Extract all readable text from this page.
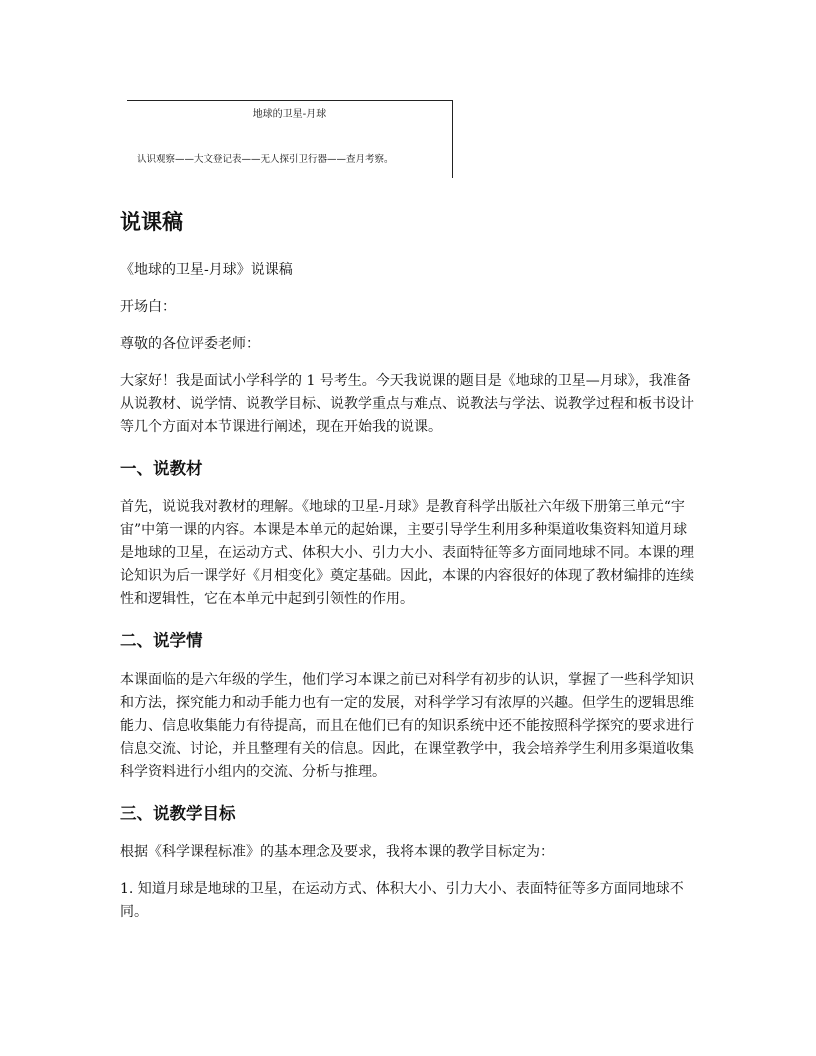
地球的卫星-月球
认识观察——大文登记表——无人探引卫行器——查月考察。
说课稿

《地球的卫星-月球》说课稿

开场白：

尊敬的各位评委老师：

大家好！我是面试小学科学的 1 号考生。今天我说课的题目是《地球的卫星—月球》，我准备从说教材、说学情、说教学目标、说教学重点与难点、说教法与学法、说教学过程和板书设计等几个方面对本节课进行阐述，现在开始我的说课。

一、说教材

首先，说说我对教材的理解。《地球的卫星-月球》是教育科学出版社六年级下册第三单元“宇宙”中第一课的内容。本课是本单元的起始课，主要引导学生利用多种渠道收集资料知道月球是地球的卫星，在运动方式、体积大小、引力大小、表面特征等多方面同地球不同。本课的理论知识为后一课学好《月相变化》奠定基础。因此，本课的内容很好的体现了教材编排的连续性和逻辑性，它在本单元中起到引领性的作用。

二、说学情

本课面临的是六年级的学生，他们学习本课之前已对科学有初步的认识，掌握了一些科学知识和方法，探究能力和动手能力也有一定的发展，对科学学习有浓厚的兴趣。但学生的逻辑思维能力、信息收集能力有待提高，而且在他们已有的知识系统中还不能按照科学探究的要求进行信息交流、讨论，并且整理有关的信息。因此，在课堂教学中，我会培养学生利用多渠道收集科学资料进行小组内的交流、分析与推理。

三、说教学目标

根据《科学课程标准》的基本理念及要求，我将本课的教学目标定为：

1. 知道月球是地球的卫星，在运动方式、体积大小、引力大小、表面特征等多方面同地球不同。
